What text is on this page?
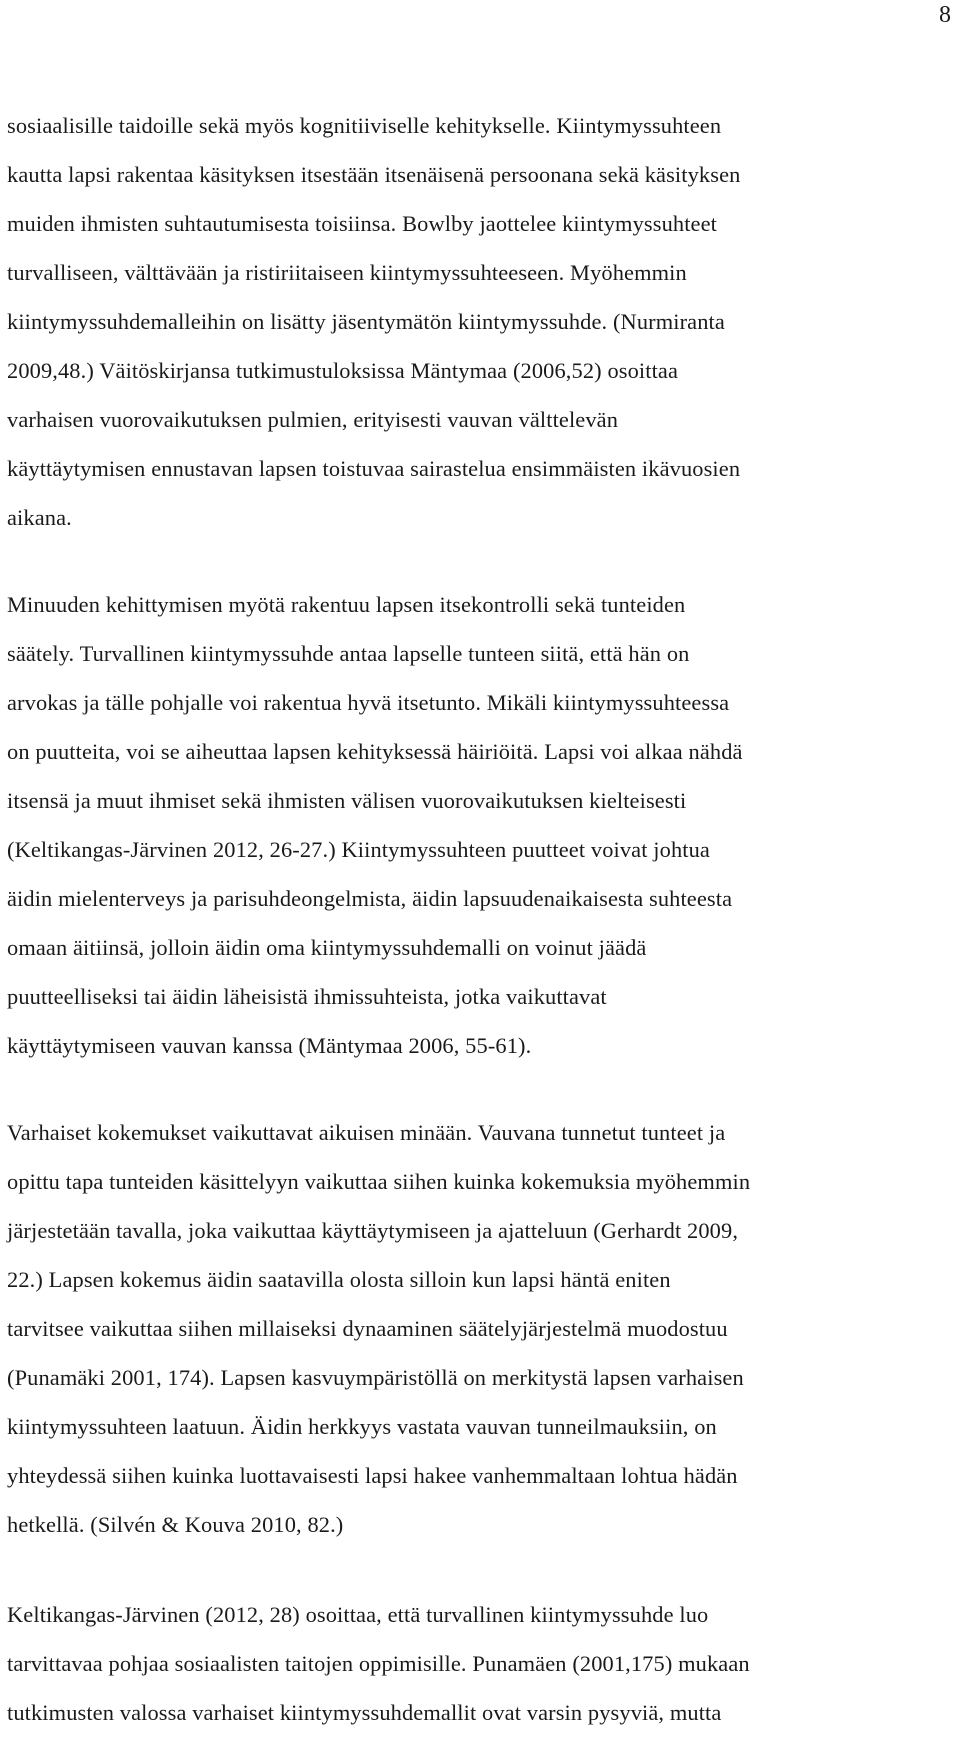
8
sosiaalisille taidoille sekä myös kognitiiviselle kehitykselle. Kiintymyssuhteen
kautta lapsi rakentaa käsityksen itsestään itsenäisenä persoonana sekä käsityksen
muiden ihmisten suhtautumisesta toisiinsa. Bowlby jaottelee kiintymyssuhteet
turvalliseen, välttävään ja ristiriitaiseen kiintymyssuhteeseen. Myöhemmin
kiintymyssuhdemalleihin on lisätty jäsentymätön kiintymyssuhde. (Nurmiranta
2009,48.) Väitöskirjansa tutkimustuloksissa Mäntymaa (2006,52) osoittaa
varhaisen vuorovaikutuksen pulmien, erityisesti vauvan välttelevän
käyttäytymisen ennustavan lapsen toistuvaa sairastelua ensimmäisten ikävuosien
aikana.
Minuuden kehittymisen myötä rakentuu lapsen itsekontrolli sekä tunteiden
säätely. Turvallinen kiintymyssuhde antaa lapselle tunteen siitä, että hän on
arvokas ja tälle pohjalle voi rakentua hyvä itsetunto. Mikäli kiintymyssuhteessa
on puutteita, voi se aiheuttaa lapsen kehityksessä häiriöitä. Lapsi voi alkaa nähdä
itsensä ja muut ihmiset sekä ihmisten välisen vuorovaikutuksen kielteisesti
(Keltikangas-Järvinen 2012, 26-27.) Kiintymyssuhteen puutteet voivat johtua
äidin mielenterveys ja parisuhdeongelmista, äidin lapsuudenaikaisesta suhteesta
omaan äitiinsä, jolloin äidin oma kiintymyssuhdemalli on voinut jäädä
puutteelliseksi tai äidin läheisistä ihmissuhteista, jotka vaikuttavat
käyttäytymiseen vauvan kanssa (Mäntymaa 2006, 55-61).
Varhaiset kokemukset vaikuttavat aikuisen minään. Vauvana tunnetut tunteet ja
opittu tapa tunteiden käsittelyyn vaikuttaa siihen kuinka kokemuksia myöhemmin
järjestetään tavalla, joka vaikuttaa käyttäytymiseen ja ajatteluun (Gerhardt 2009,
22.) Lapsen kokemus äidin saatavilla olosta silloin kun lapsi häntä eniten
tarvitsee vaikuttaa siihen millaiseksi dynaaminen säätelyjärjestelmä muodostuu
(Punamäki 2001, 174). Lapsen kasvuympäristöllä on merkitystä lapsen varhaisen
kiintymyssuhteen laatuun. Äidin herkkyys vastata vauvan tunneilmauksiin, on
yhteydessä siihen kuinka luottavaisesti lapsi hakee vanhemmaltaan lohtua hädän
hetkellä. (Silvén & Kouva 2010, 82.)
Keltikangas-Järvinen (2012, 28) osoittaa, että turvallinen kiintymyssuhde luo
tarvittavaa pohjaa sosiaalisten taitojen oppimisille. Punamäen (2001,175) mukaan
tutkimusten valossa varhaiset kiintymyssuhdemallit ovat varsin pysyviä, mutta
